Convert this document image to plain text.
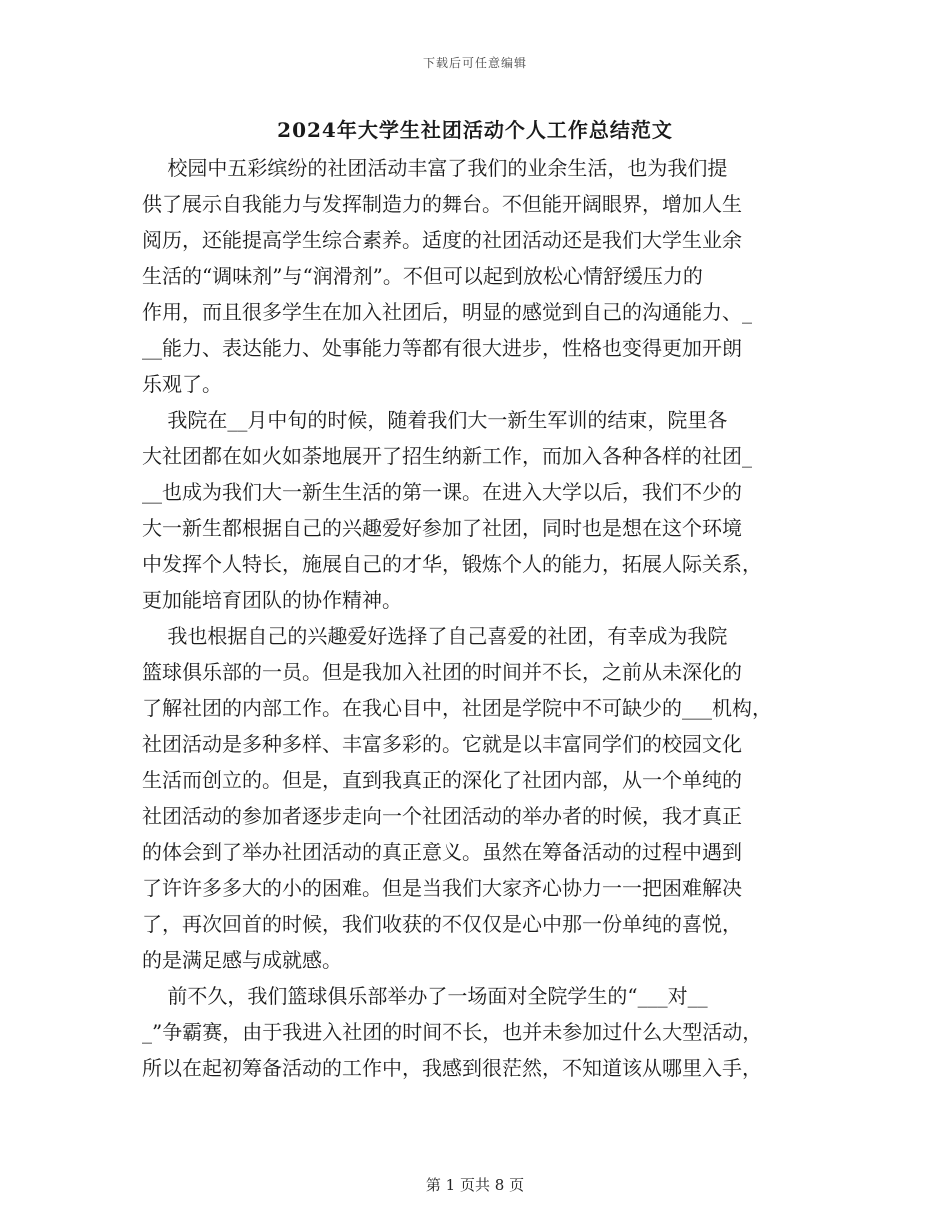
下载后可任意编辑
2024年大学生社团活动个人工作总结范文
校园中五彩缤纷的社团活动丰富了我们的业余生活，也为我们提
供了展示自我能力与发挥制造力的舞台。不但能开阔眼界，增加人生
阅历，还能提高学生综合素养。适度的社团活动还是我们大学生业余
生活的“调味剂”与“润滑剂”。不但可以起到放松心情舒缓压力的
作用，而且很多学生在加入社团后，明显的感觉到自己的沟通能力、_
__能力、表达能力、处事能力等都有很大进步，性格也变得更加开朗
乐观了。
我院在__月中旬的时候，随着我们大一新生军训的结束，院里各
大社团都在如火如荼地展开了招生纳新工作，而加入各种各样的社团_
__也成为我们大一新生生活的第一课。在进入大学以后，我们不少的
大一新生都根据自己的兴趣爱好参加了社团，同时也是想在这个环境
中发挥个人特长，施展自己的才华，锻炼个人的能力，拓展人际关系，
更加能培育团队的协作精神。
我也根据自己的兴趣爱好选择了自己喜爱的社团，有幸成为我院
篮球俱乐部的一员。但是我加入社团的时间并不长，之前从未深化的
了解社团的内部工作。在我心目中，社团是学院中不可缺少的___机构，
社团活动是多种多样、丰富多彩的。它就是以丰富同学们的校园文化
生活而创立的。但是，直到我真正的深化了社团内部，从一个单纯的
社团活动的参加者逐步走向一个社团活动的举办者的时候，我才真正
的体会到了举办社团活动的真正意义。虽然在筹备活动的过程中遇到
了许许多多大的小的困难。但是当我们大家齐心协力一一把困难解决
了，再次回首的时候，我们收获的不仅仅是心中那一份单纯的喜悦，
的是满足感与成就感。
前不久，我们篮球俱乐部举办了一场面对全院学生的“___对__
_”争霸赛，由于我进入社团的时间不长，也并未参加过什么大型活动，
所以在起初筹备活动的工作中，我感到很茫然，不知道该从哪里入手，
第 1 页共 8 页
